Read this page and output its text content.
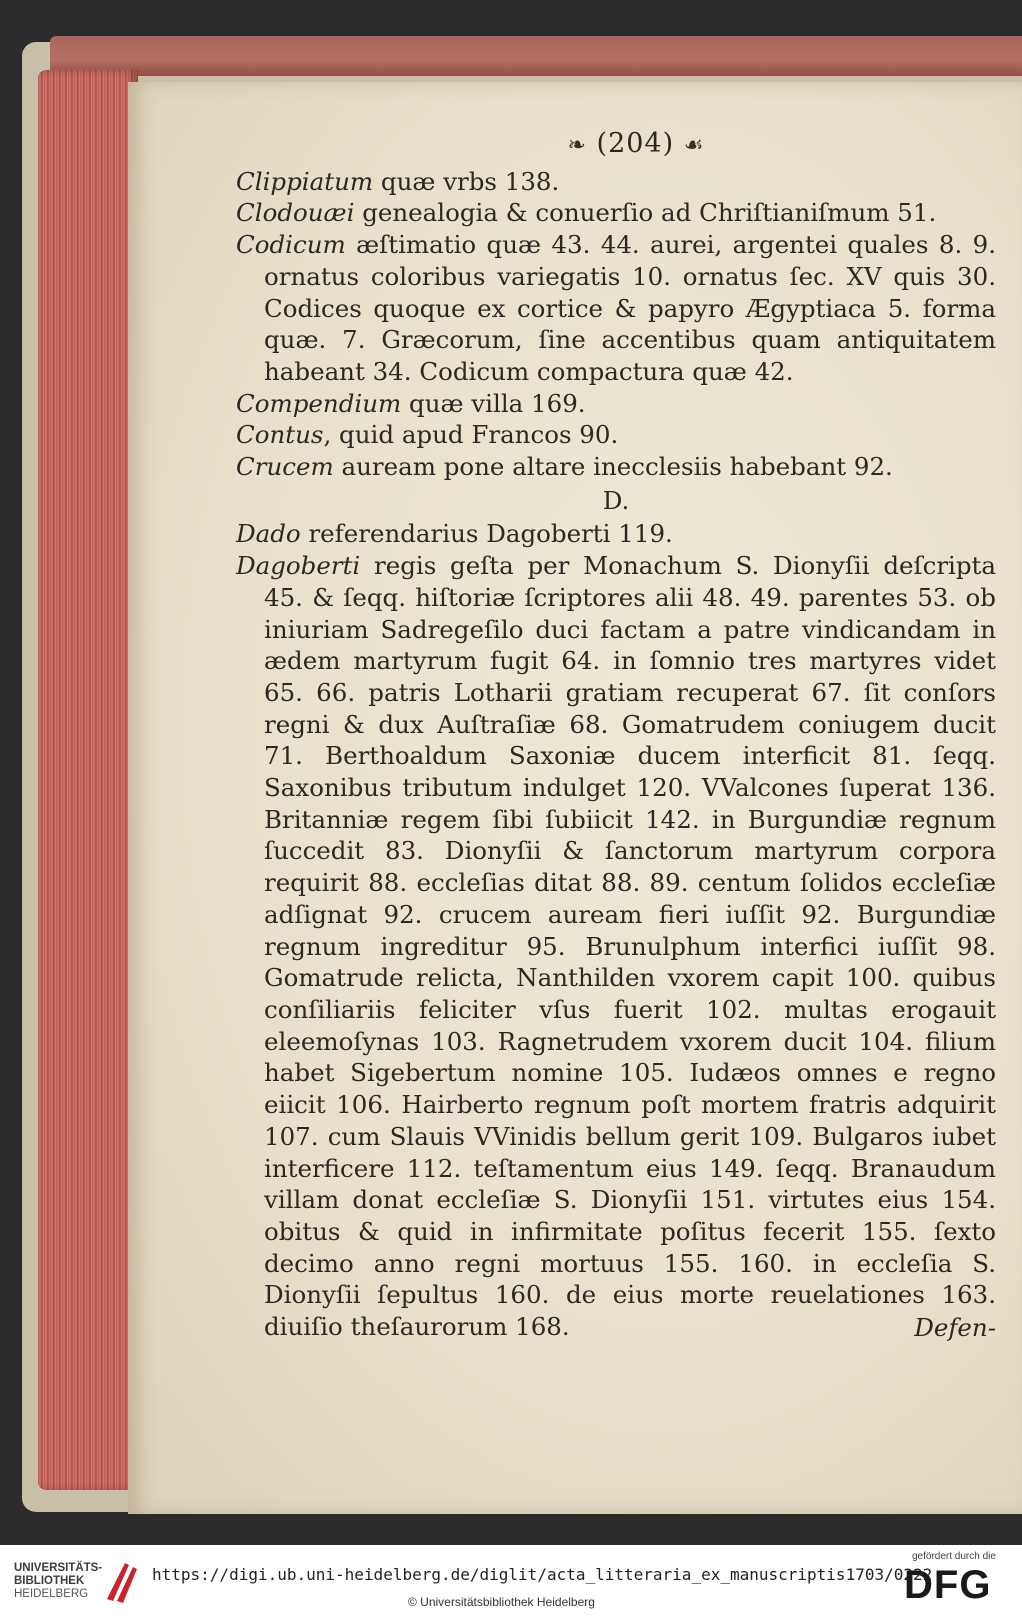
❧ (204) ☙
Clippiatum quæ vrbs 138.
Clodouæi genealogia & conuerſio ad Chriſtianiſmum 51.
Codicum æſtimatio quæ 43. 44. aurei, argentei quales 8. 9. ornatus coloribus variegatis 10. ornatus ſec. XV quis 30. Codices quoque ex cortice & papyro Ægyptiaca 5. forma quæ. 7. Græcorum, ſine accentibus quam antiquitatem habeant 34. Codicum compactura quæ 42.
Compendium quæ villa 169.
Contus, quid apud Francos 90.
Crucem auream pone altare inecclesiis habebant 92.
D.
Dado referendarius Dagoberti 119.
Dagoberti regis geſta per Monachum S. Dionyſii deſcripta 45. & ſeqq. hiſtoriæ ſcriptores alii 48. 49. parentes 53. ob iniuriam Sadregeſilo duci factam a patre vindicandam in ædem martyrum fugit 64. in ſomnio tres martyres videt 65. 66. patris Lotharii gratiam recuperat 67. ſit conſors regni & dux Auſtraſiæ 68. Gomatrudem coniugem ducit 71. Berthoaldum Saxoniæ ducem interficit 81. ſeqq. Saxonibus tributum indulget 120. VValcones ſuperat 136. Britanniæ regem ſibi ſubiicit 142. in Burgundiæ regnum ſuccedit 83. Dionyſii & ſanctorum martyrum corpora requirit 88. eccleſias ditat 88. 89. centum ſolidos eccleſiæ adſignat 92. crucem auream fieri iuſſit 92. Burgundiæ regnum ingreditur 95. Brunulphum interfici iuſſit 98. Gomatrude relicta, Nanthilden vxorem capit 100. quibus conſiliariis feliciter vſus fuerit 102. multas erogauit eleemoſynas 103. Ragnetrudem vxorem ducit 104. filium habet Sigebertum nomine 105. Iudæos omnes e regno eiicit 106. Hairberto regnum poſt mortem fratris adquirit 107. cum Slauis VVinidis bellum gerit 109. Bulgaros iubet interficere 112. teſtamentum eius 149. ſeqq. Branaudum villam donat eccleſiæ S. Dionyſii 151. virtutes eius 154. obitus & quid in infirmitate poſitus fecerit 155. ſexto decimo anno regni mortuus 155. 160. in eccleſia S. Dionyſii ſepultus 160. de eius morte reuelationes 163. diuiſio theſaurorum 168.	Defen-
UNIVERSITÄTS-
BIBLIOTHEK
HEIDELBERG
https://digi.ub.uni-heidelberg.de/diglit/acta_litteraria_ex_manuscriptis1703/0222
© Universitätsbibliothek Heidelberg
gefördert durch die
DFG
